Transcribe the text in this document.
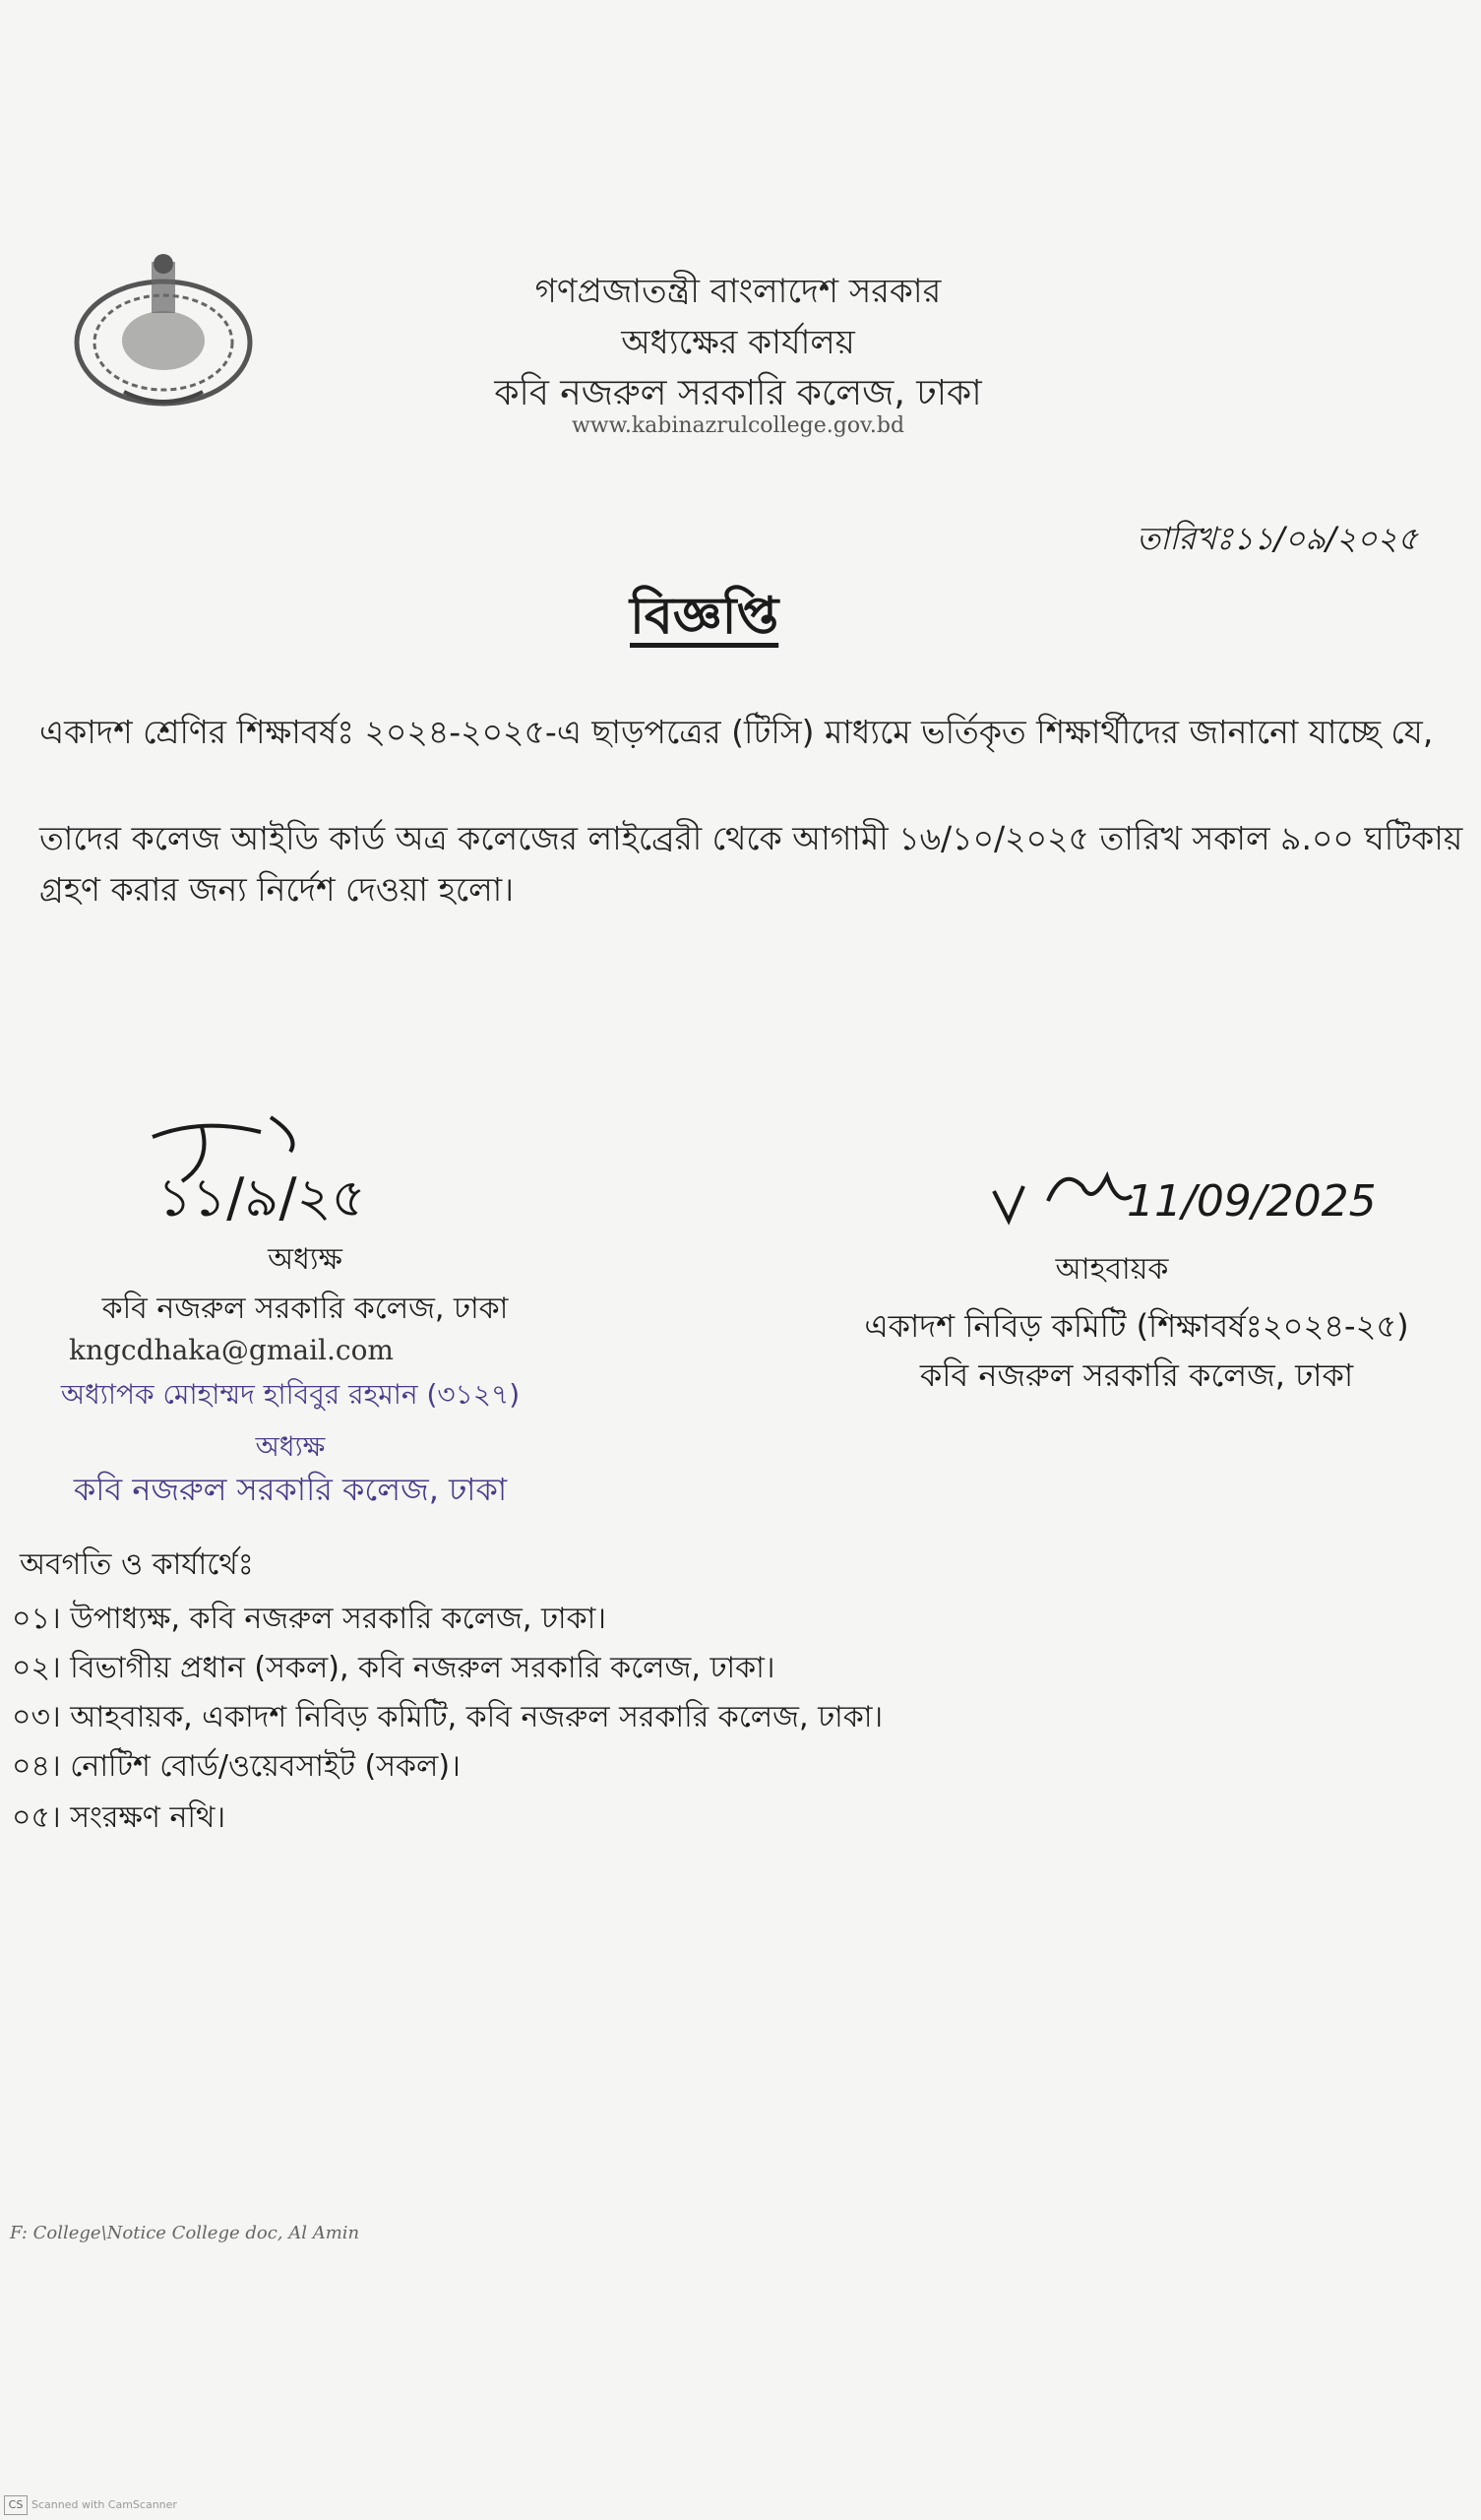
গণপ্রজাতন্ত্রী বাংলাদেশ সরকার
অধ্যক্ষের কার্যালয়
কবি নজরুল সরকারি কলেজ, ঢাকা
www.kabinazrulcollege.gov.bd
তারিখঃ১১/০৯/২০২৫
বিজ্ঞপ্তি
একাদশ শ্রেণির শিক্ষাবর্ষঃ ২০২৪-২০২৫-এ ছাড়পত্রের (টিসি) মাধ্যমে ভর্তিকৃত শিক্ষার্থীদের জানানো যাচ্ছে যে,
তাদের কলেজ আইডি কার্ড অত্র কলেজের লাইব্রেরী থেকে আগামী ১৬/১০/২০২৫ তারিখ সকাল ৯.০০ ঘটিকায়
গ্রহণ করার জন্য নির্দেশ দেওয়া হলো।
১১/৯/২৫	11/09/2025
অধ্যক্ষ
কবি নজরুল সরকারি কলেজ, ঢাকা
kngcdhaka@gmail.com
অধ্যাপক মোহাম্মদ হাবিবুর রহমান (৩১২৭)
অধ্যক্ষ
কবি নজরুল সরকারি কলেজ, ঢাকা
আহবায়ক
একাদশ নিবিড় কমিটি (শিক্ষাবর্ষঃ২০২৪-২৫)
কবি নজরুল সরকারি কলেজ, ঢাকা
অবগতি ও কার্যার্থেঃ
০১। উপাধ্যক্ষ, কবি নজরুল সরকারি কলেজ, ঢাকা।
০২। বিভাগীয় প্রধান (সকল), কবি নজরুল সরকারি কলেজ, ঢাকা।
০৩। আহবায়ক, একাদশ নিবিড় কমিটি, কবি নজরুল সরকারি কলেজ, ঢাকা।
০৪। নোটিশ বোর্ড/ওয়েবসাইট (সকল)।
০৫। সংরক্ষণ নথি।
F: College\Notice College doc, Al Amin
CS Scanned with CamScanner
